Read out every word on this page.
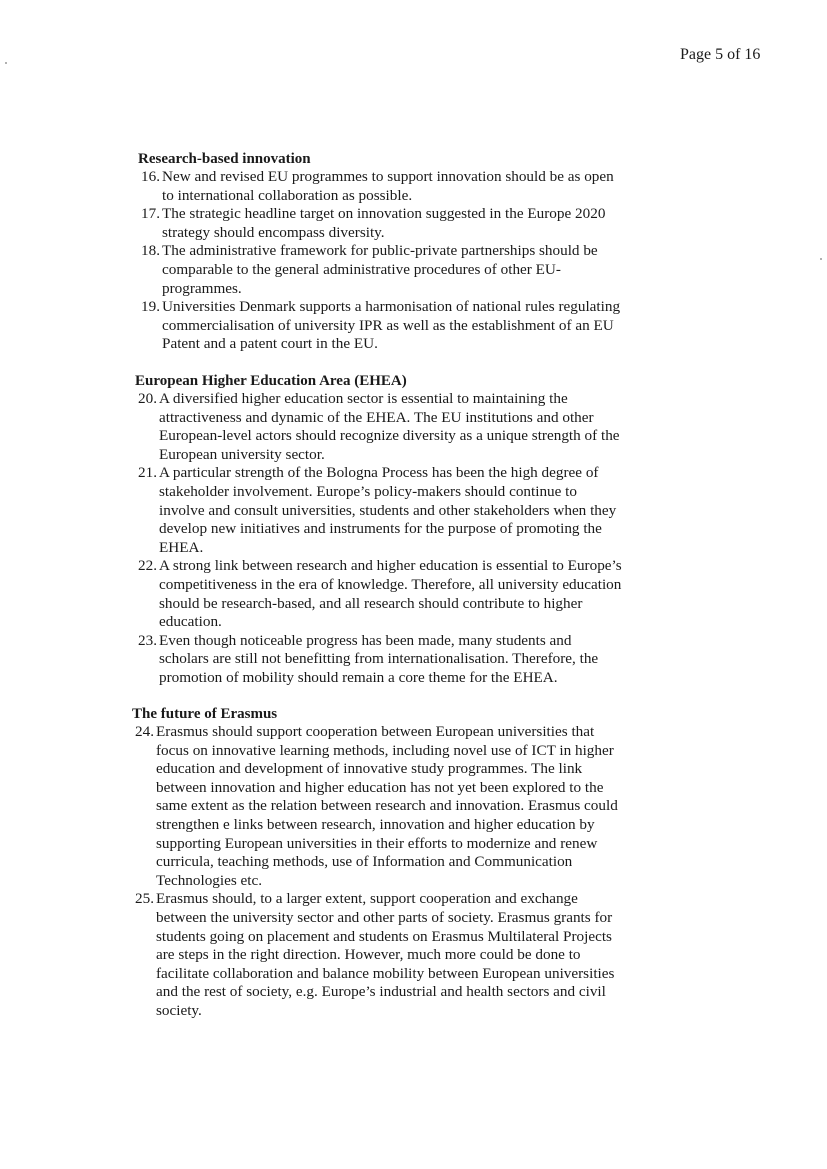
Page 5 of 16
Research-based innovation
16. New and revised EU programmes to support innovation should be as open to international collaboration as possible.
17. The strategic headline target on innovation suggested in the Europe 2020 strategy should encompass diversity.
18. The administrative framework for public-private partnerships should be comparable to the general administrative procedures of other EU-programmes.
19. Universities Denmark supports a harmonisation of national rules regulating commercialisation of university IPR as well as the establishment of an EU Patent and a patent court in the EU.
European Higher Education Area (EHEA)
20. A diversified higher education sector is essential to maintaining the attractiveness and dynamic of the EHEA. The EU institutions and other European-level actors should recognize diversity as a unique strength of the European university sector.
21. A particular strength of the Bologna Process has been the high degree of stakeholder involvement. Europe’s policy-makers should continue to involve and consult universities, students and other stakeholders when they develop new initiatives and instruments for the purpose of promoting the EHEA.
22. A strong link between research and higher education is essential to Europe’s competitiveness in the era of knowledge. Therefore, all university education should be research-based, and all research should contribute to higher education.
23. Even though noticeable progress has been made, many students and scholars are still not benefitting from internationalisation. Therefore, the promotion of mobility should remain a core theme for the EHEA.
The future of Erasmus
24. Erasmus should support cooperation between European universities that focus on innovative learning methods, including novel use of ICT in higher education and development of innovative study programmes. The link between innovation and higher education has not yet been explored to the same extent as the relation between research and innovation. Erasmus could strengthen e links between research, innovation and higher education by supporting European universities in their efforts to modernize and renew curricula, teaching methods, use of Information and Communication Technologies etc.
25. Erasmus should, to a larger extent, support cooperation and exchange between the university sector and other parts of society. Erasmus grants for students going on placement and students on Erasmus Multilateral Projects are steps in the right direction. However, much more could be done to facilitate collaboration and balance mobility between European universities and the rest of society, e.g. Europe’s industrial and health sectors and civil society.
